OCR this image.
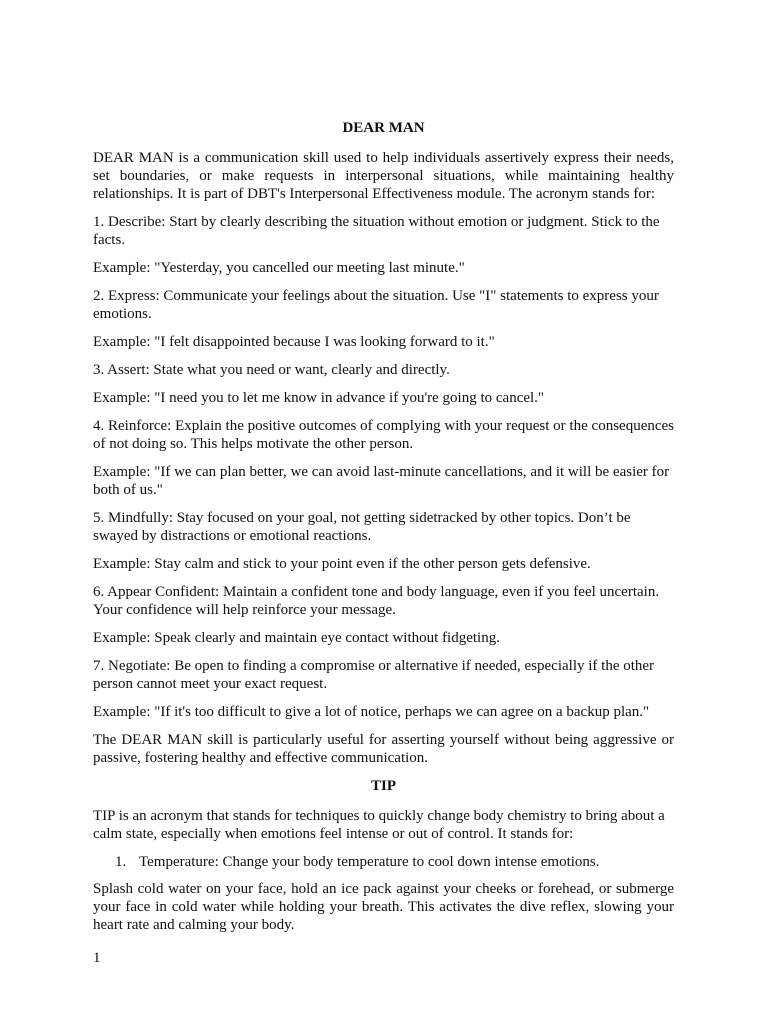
DEAR MAN

DEAR MAN is a communication skill used to help individuals assertively express their needs, set boundaries, or make requests in interpersonal situations, while maintaining healthy relationships. It is part of DBT's Interpersonal Effectiveness module. The acronym stands for:

1. Describe: Start by clearly describing the situation without emotion or judgment. Stick to the facts.

Example: "Yesterday, you cancelled our meeting last minute."

2. Express: Communicate your feelings about the situation. Use "I" statements to express your emotions.

Example: "I felt disappointed because I was looking forward to it."

3. Assert: State what you need or want, clearly and directly.

Example: "I need you to let me know in advance if you're going to cancel."

4. Reinforce: Explain the positive outcomes of complying with your request or the consequences of not doing so. This helps motivate the other person.

Example: "If we can plan better, we can avoid last-minute cancellations, and it will be easier for both of us."

5. Mindfully: Stay focused on your goal, not getting sidetracked by other topics. Don’t be swayed by distractions or emotional reactions.

Example: Stay calm and stick to your point even if the other person gets defensive.

6. Appear Confident: Maintain a confident tone and body language, even if you feel uncertain. Your confidence will help reinforce your message.

Example: Speak clearly and maintain eye contact without fidgeting.

7. Negotiate: Be open to finding a compromise or alternative if needed, especially if the other person cannot meet your exact request.

Example: "If it's too difficult to give a lot of notice, perhaps we can agree on a backup plan."

The DEAR MAN skill is particularly useful for asserting yourself without being aggressive or passive, fostering healthy and effective communication.

TIP

TIP is an acronym that stands for techniques to quickly change body chemistry to bring about a calm state, especially when emotions feel intense or out of control. It stands for:

1. Temperature: Change your body temperature to cool down intense emotions.

Splash cold water on your face, hold an ice pack against your cheeks or forehead, or submerge your face in cold water while holding your breath. This activates the dive reflex, slowing your heart rate and calming your body.

1
